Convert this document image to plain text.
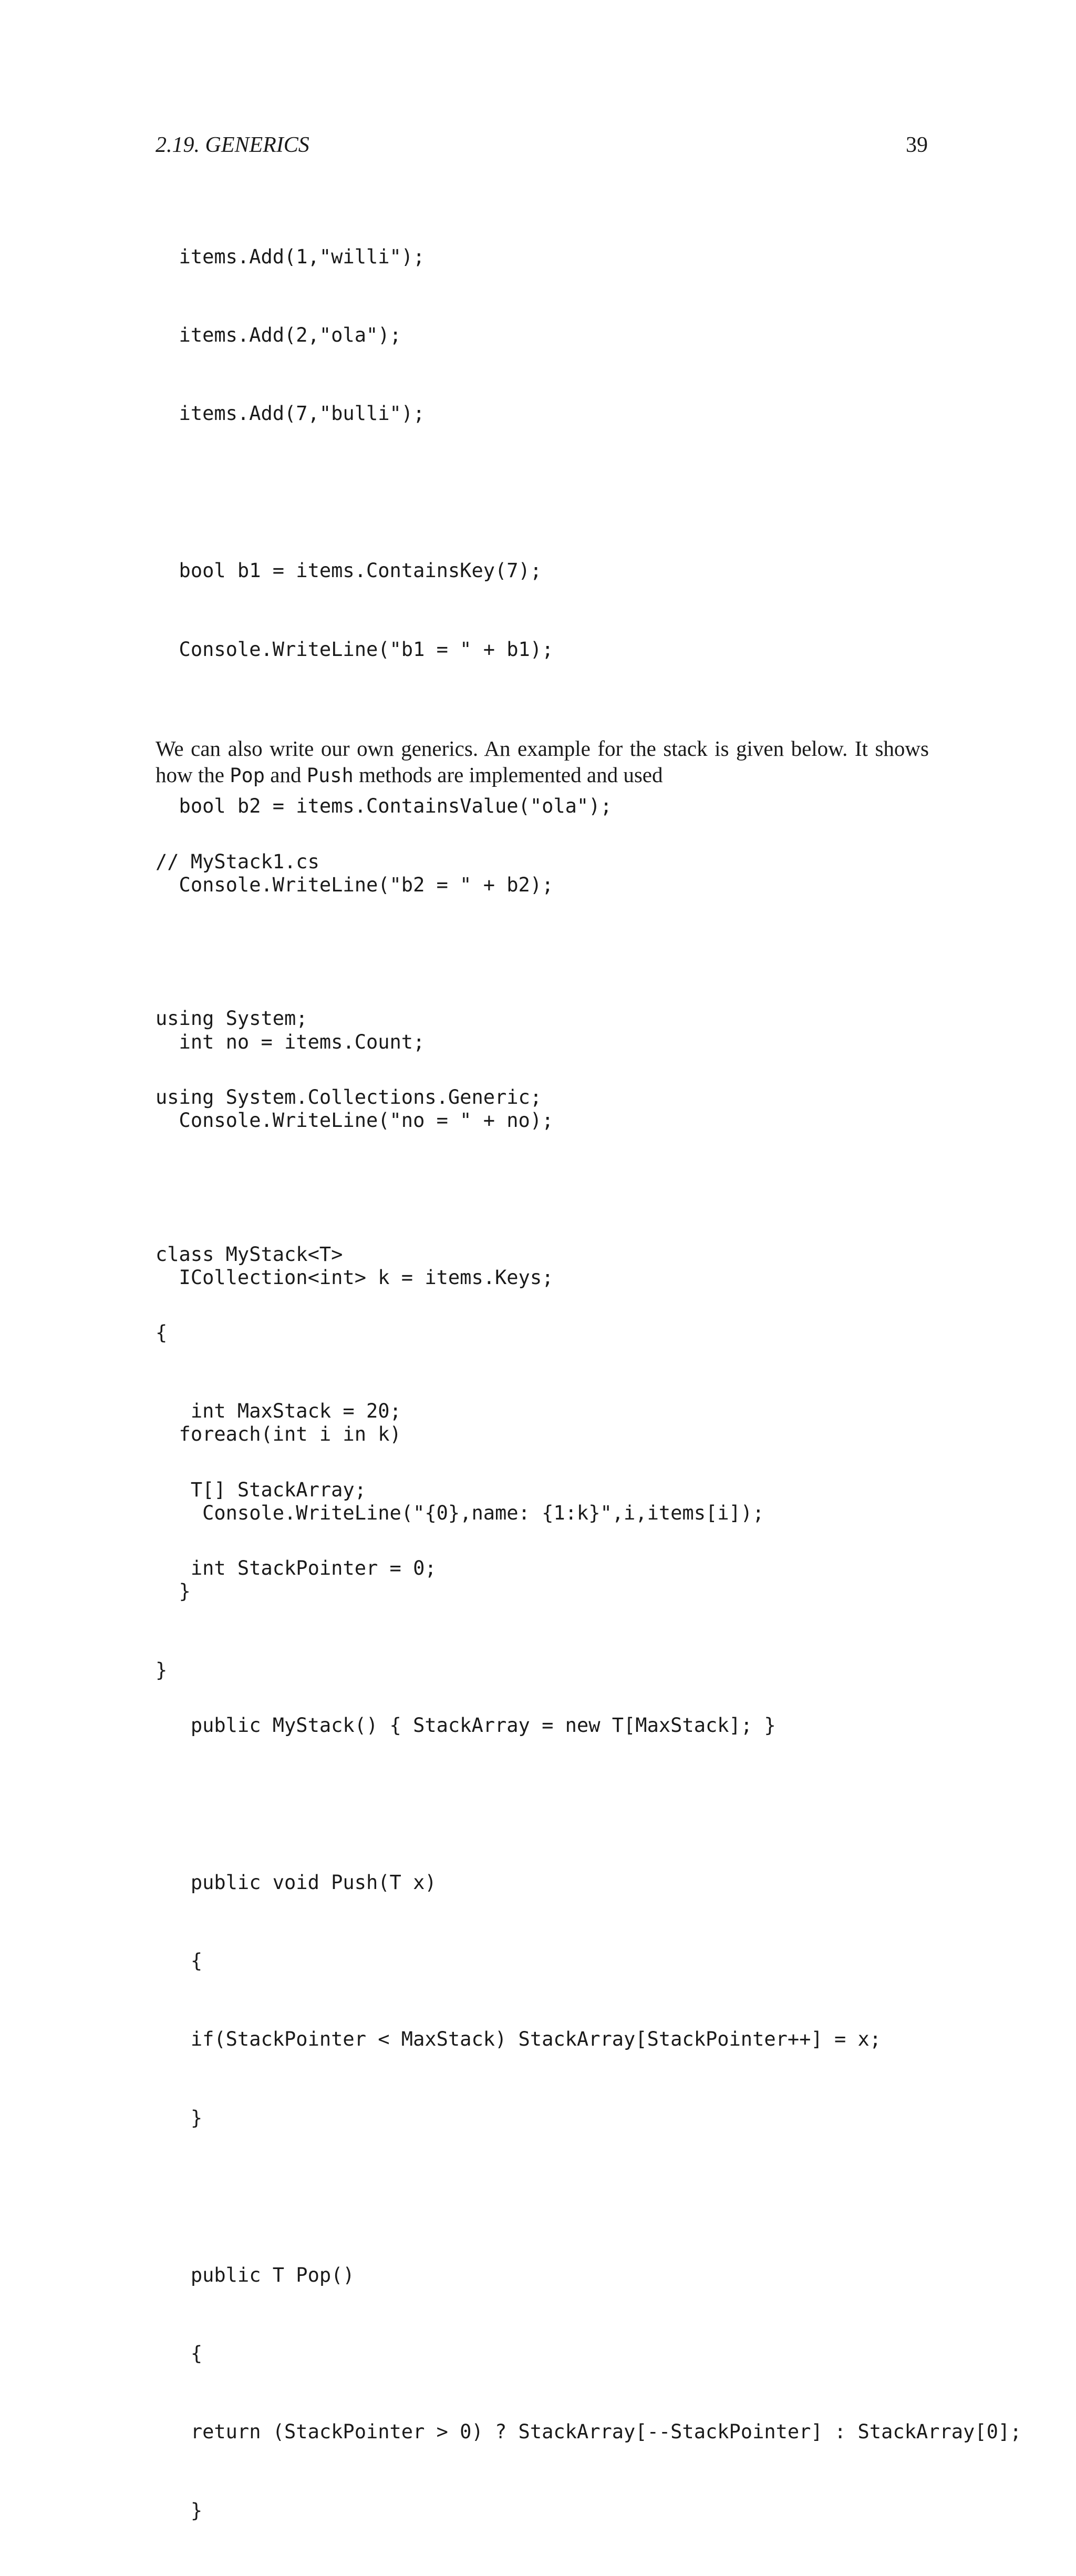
2.19. GENERICS	39

items.Add(1,"willi");

items.Add(2,"ola");

items.Add(7,"bulli");

bool b1 = items.ContainsKey(7);

Console.WriteLine("b1 = " + b1);

bool b2 = items.ContainsValue("ola");

Console.WriteLine("b2 = " + b2);

int no = items.Count;

Console.WriteLine("no = " + no);

ICollection<int> k = items.Keys;

foreach(int i in k)

Console.WriteLine("{0},name: {1:k}",i,items[i]);

}

}

We can also write our own generics. An example for the stack is given below. It shows how the Pop and Push methods are implemented and used

// MyStack1.cs

using System;

using System.Collections.Generic;

class MyStack<T>

{

int MaxStack = 20;

T[] StackArray;

int StackPointer = 0;

public MyStack() { StackArray = new T[MaxStack]; }

public void Push(T x)

{

if(StackPointer < MaxStack) StackArray[StackPointer++] = x;

}

public T Pop()

{

return (StackPointer > 0) ? StackArray[--StackPointer] : StackArray[0];

}
